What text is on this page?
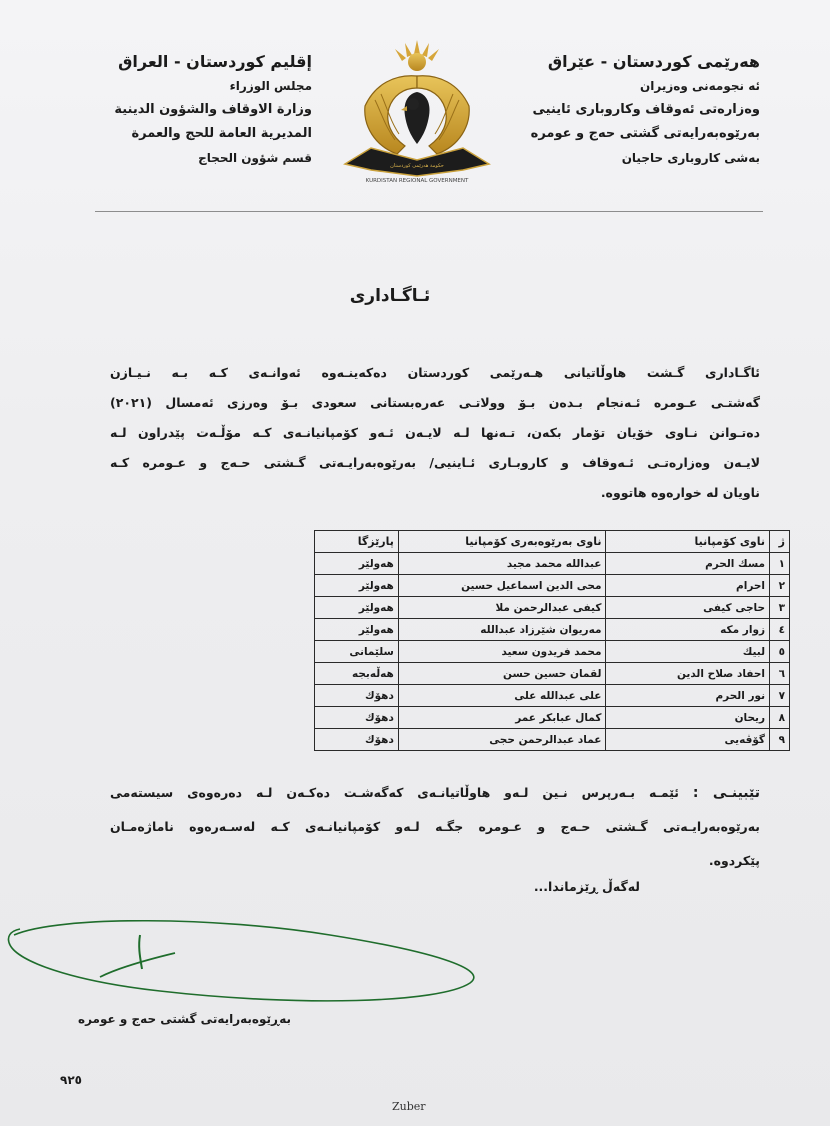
هەرێمی کوردستان - عێراق
ئە نجومەنی وەزیران
وەزارەتی ئەوقاف وکاروباری ئاینیی
بەرێوەبەرایەتی گشتی حەج و عومرە
بەشی کاروباری حاجیان
إقليم كوردستان - العراق
مجلس الوزراء
وزارة الاوقاف والشؤون الدينية
المديرية العامة للحج والعمرة
قسم شؤون الحجاج
حكومة هەرێمی کوردستان
KURDISTAN REGIONAL GOVERNMENT
ئـاگـاداری

ئاگـاداری گـشت هاوڵاتیانی هـەرێمی کوردستان دەکەینـەوە ئەوانـەی کـە بـە نـیـازن

گەشتـی عـومرە ئـەنجام بـدەن بـۆ وولاتـی عەرەبستانی سعودی بـۆ وەرزی ئەمسال (٢٠٢١)

دەتـوانن نـاوی خۆیان تۆمار بکەن، تـەنها لـە لایـەن ئـەو کۆمپانیانـەی کـە مۆڵـەت پێدراون لـە

لایـەن وەزارەتـی ئـەوقاف و کاروبـاری ئـاینیی/ بەرێوەبەرایـەتی گـشتی حـەج و عـومرە کـە

ناویان لە خوارەوە هاتووە.

ژ	ناوی کۆمپانیا	ناوی بەرێوەبەری کۆمپانیا	پارێزگا
١	مسك الحرم	عبدالله محمد مجيد	هەولێر
٢	احرام	محی الدين اسماعيل حسين	هەولێر
٣	حاجی کیفی	کیفی عبدالرحمن ملا	هەولێر
٤	زوار مکه	مەریوان شێرزاد عبدالله	هەولێر
٥	لبيك	محمد فريدون سعيد	سلێمانی
٦	احفاد صلاح الدين	لقمان حسین حسن	هەڵەبجە
٧	نور الحرم	علی عبدالله علی	دهۆك
٨	ريحان	كمال عبابكر عمر	دهۆك
٩	گۆڤەیی	عماد عبدالرحمن حجی	دهۆك

تێبینـی : ئێمـە بـەرپرس نـین لـەو هاوڵاتیانـەی کەگەشـت دەکـەن لـە دەرەوەی سیستەمی

بەرێوەبەرایـەتی گـشتی حـەج و عـومرە جگـە لـەو کۆمپانیانـەی کـە لەسـەرەوە ناماژەمـان

پێکردوە.

لەگەڵ ڕێزماندا...
بەڕێوەبەرایەتی گشتی حەج و عومرە
٩٢٥
Zuber
